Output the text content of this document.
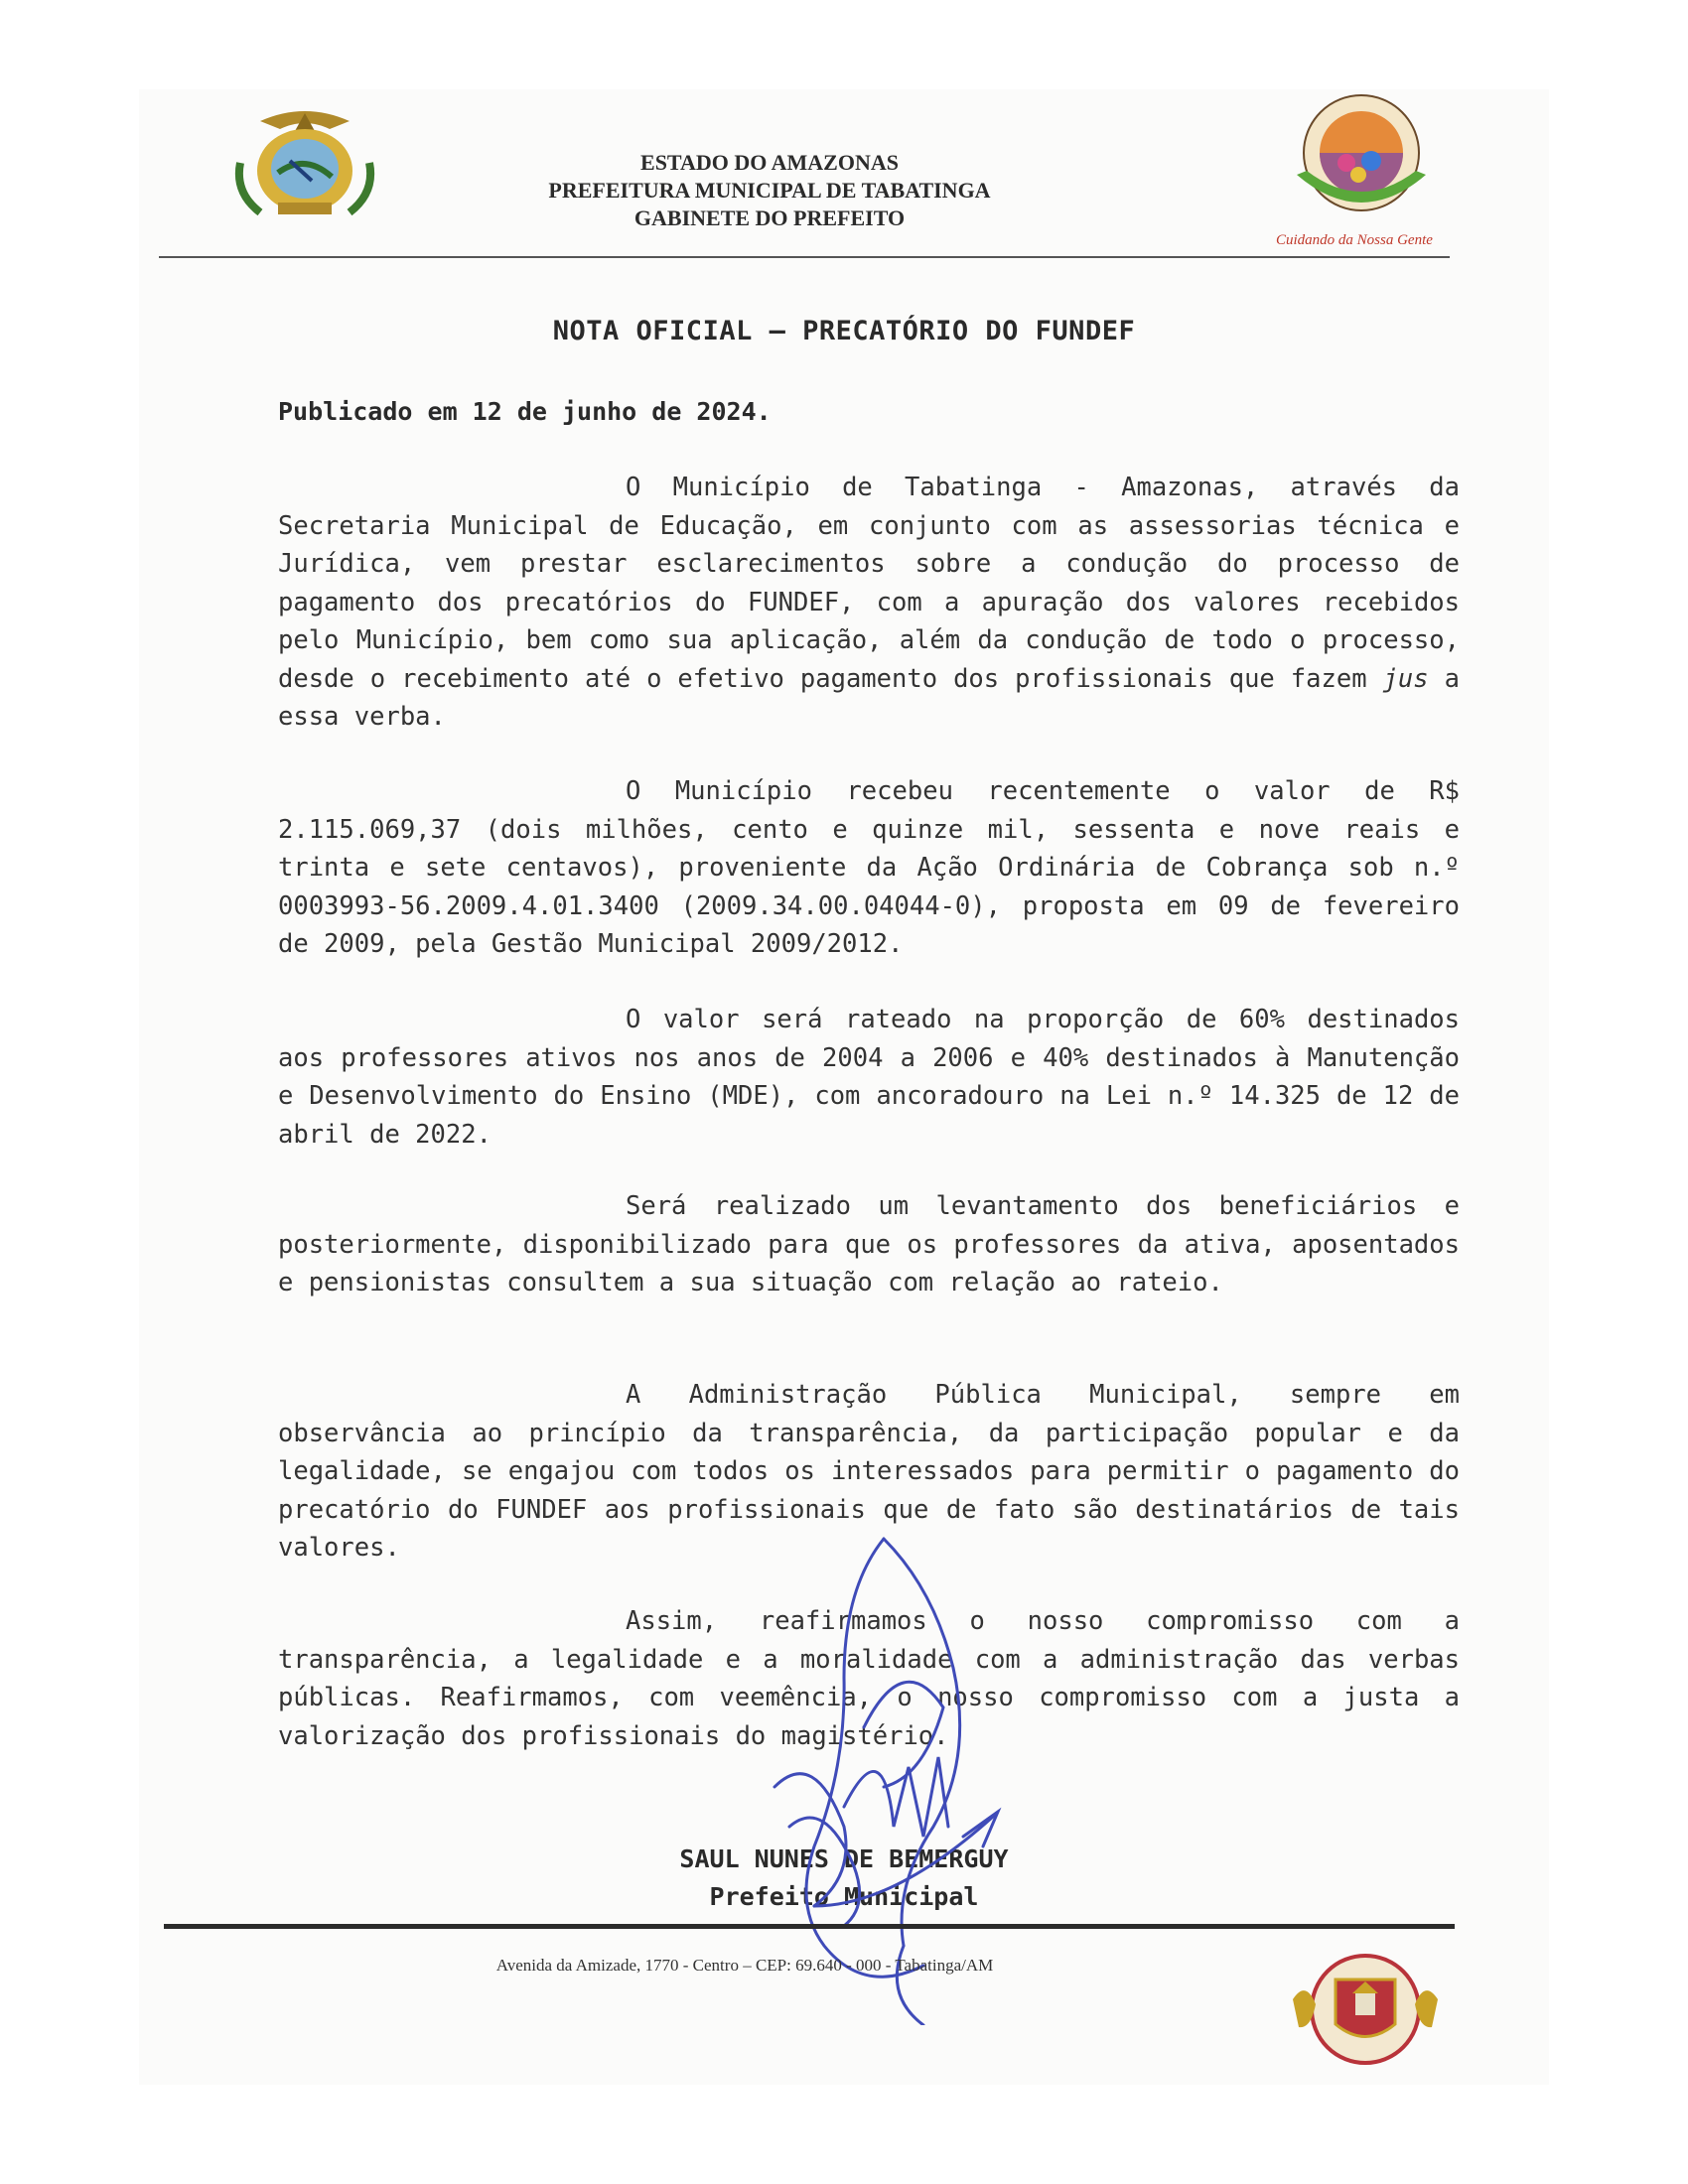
ESTADO DO AMAZONAS
PREFEITURA MUNICIPAL DE TABATINGA
GABINETE DO PREFEITO
Cuidando da Nossa Gente
NOTA OFICIAL – PRECATÓRIO DO FUNDEF
Publicado em 12 de junho de 2024.
O Município de Tabatinga - Amazonas, através da Secretaria Municipal de Educação, em conjunto com as assessorias técnica e Jurídica, vem prestar esclarecimentos sobre a condução do processo de pagamento dos precatórios do FUNDEF, com a apuração dos valores recebidos pelo Município, bem como sua aplicação, além da condução de todo o processo, desde o recebimento até o efetivo pagamento dos profissionais que fazem jus a essa verba.
O Município recebeu recentemente o valor de R$ 2.115.069,37 (dois milhões, cento e quinze mil, sessenta e nove reais e trinta e sete centavos), proveniente da Ação Ordinária de Cobrança sob n.º 0003993-56.2009.4.01.3400 (2009.34.00.04044-0), proposta em 09 de fevereiro de 2009, pela Gestão Municipal 2009/2012.
O valor será rateado na proporção de 60% destinados aos professores ativos nos anos de 2004 a 2006 e 40% destinados à Manutenção e Desenvolvimento do Ensino (MDE), com ancoradouro na Lei n.º 14.325 de 12 de abril de 2022.
Será realizado um levantamento dos beneficiários e posteriormente, disponibilizado para que os professores da ativa, aposentados e pensionistas consultem a sua situação com relação ao rateio.
A Administração Pública Municipal, sempre em observância ao princípio da transparência, da participação popular e da legalidade, se engajou com todos os interessados para permitir o pagamento do precatório do FUNDEF aos profissionais que de fato são destinatários de tais valores.
Assim, reafirmamos o nosso compromisso com a transparência, a legalidade e a moralidade com a administração das verbas públicas. Reafirmamos, com veemência, o nosso compromisso com a justa a valorização dos profissionais do magistério.
SAUL NUNES DE BEMERGUY
Prefeito Municipal
Avenida da Amizade, 1770 - Centro – CEP: 69.640 - 000 - Tabatinga/AM
